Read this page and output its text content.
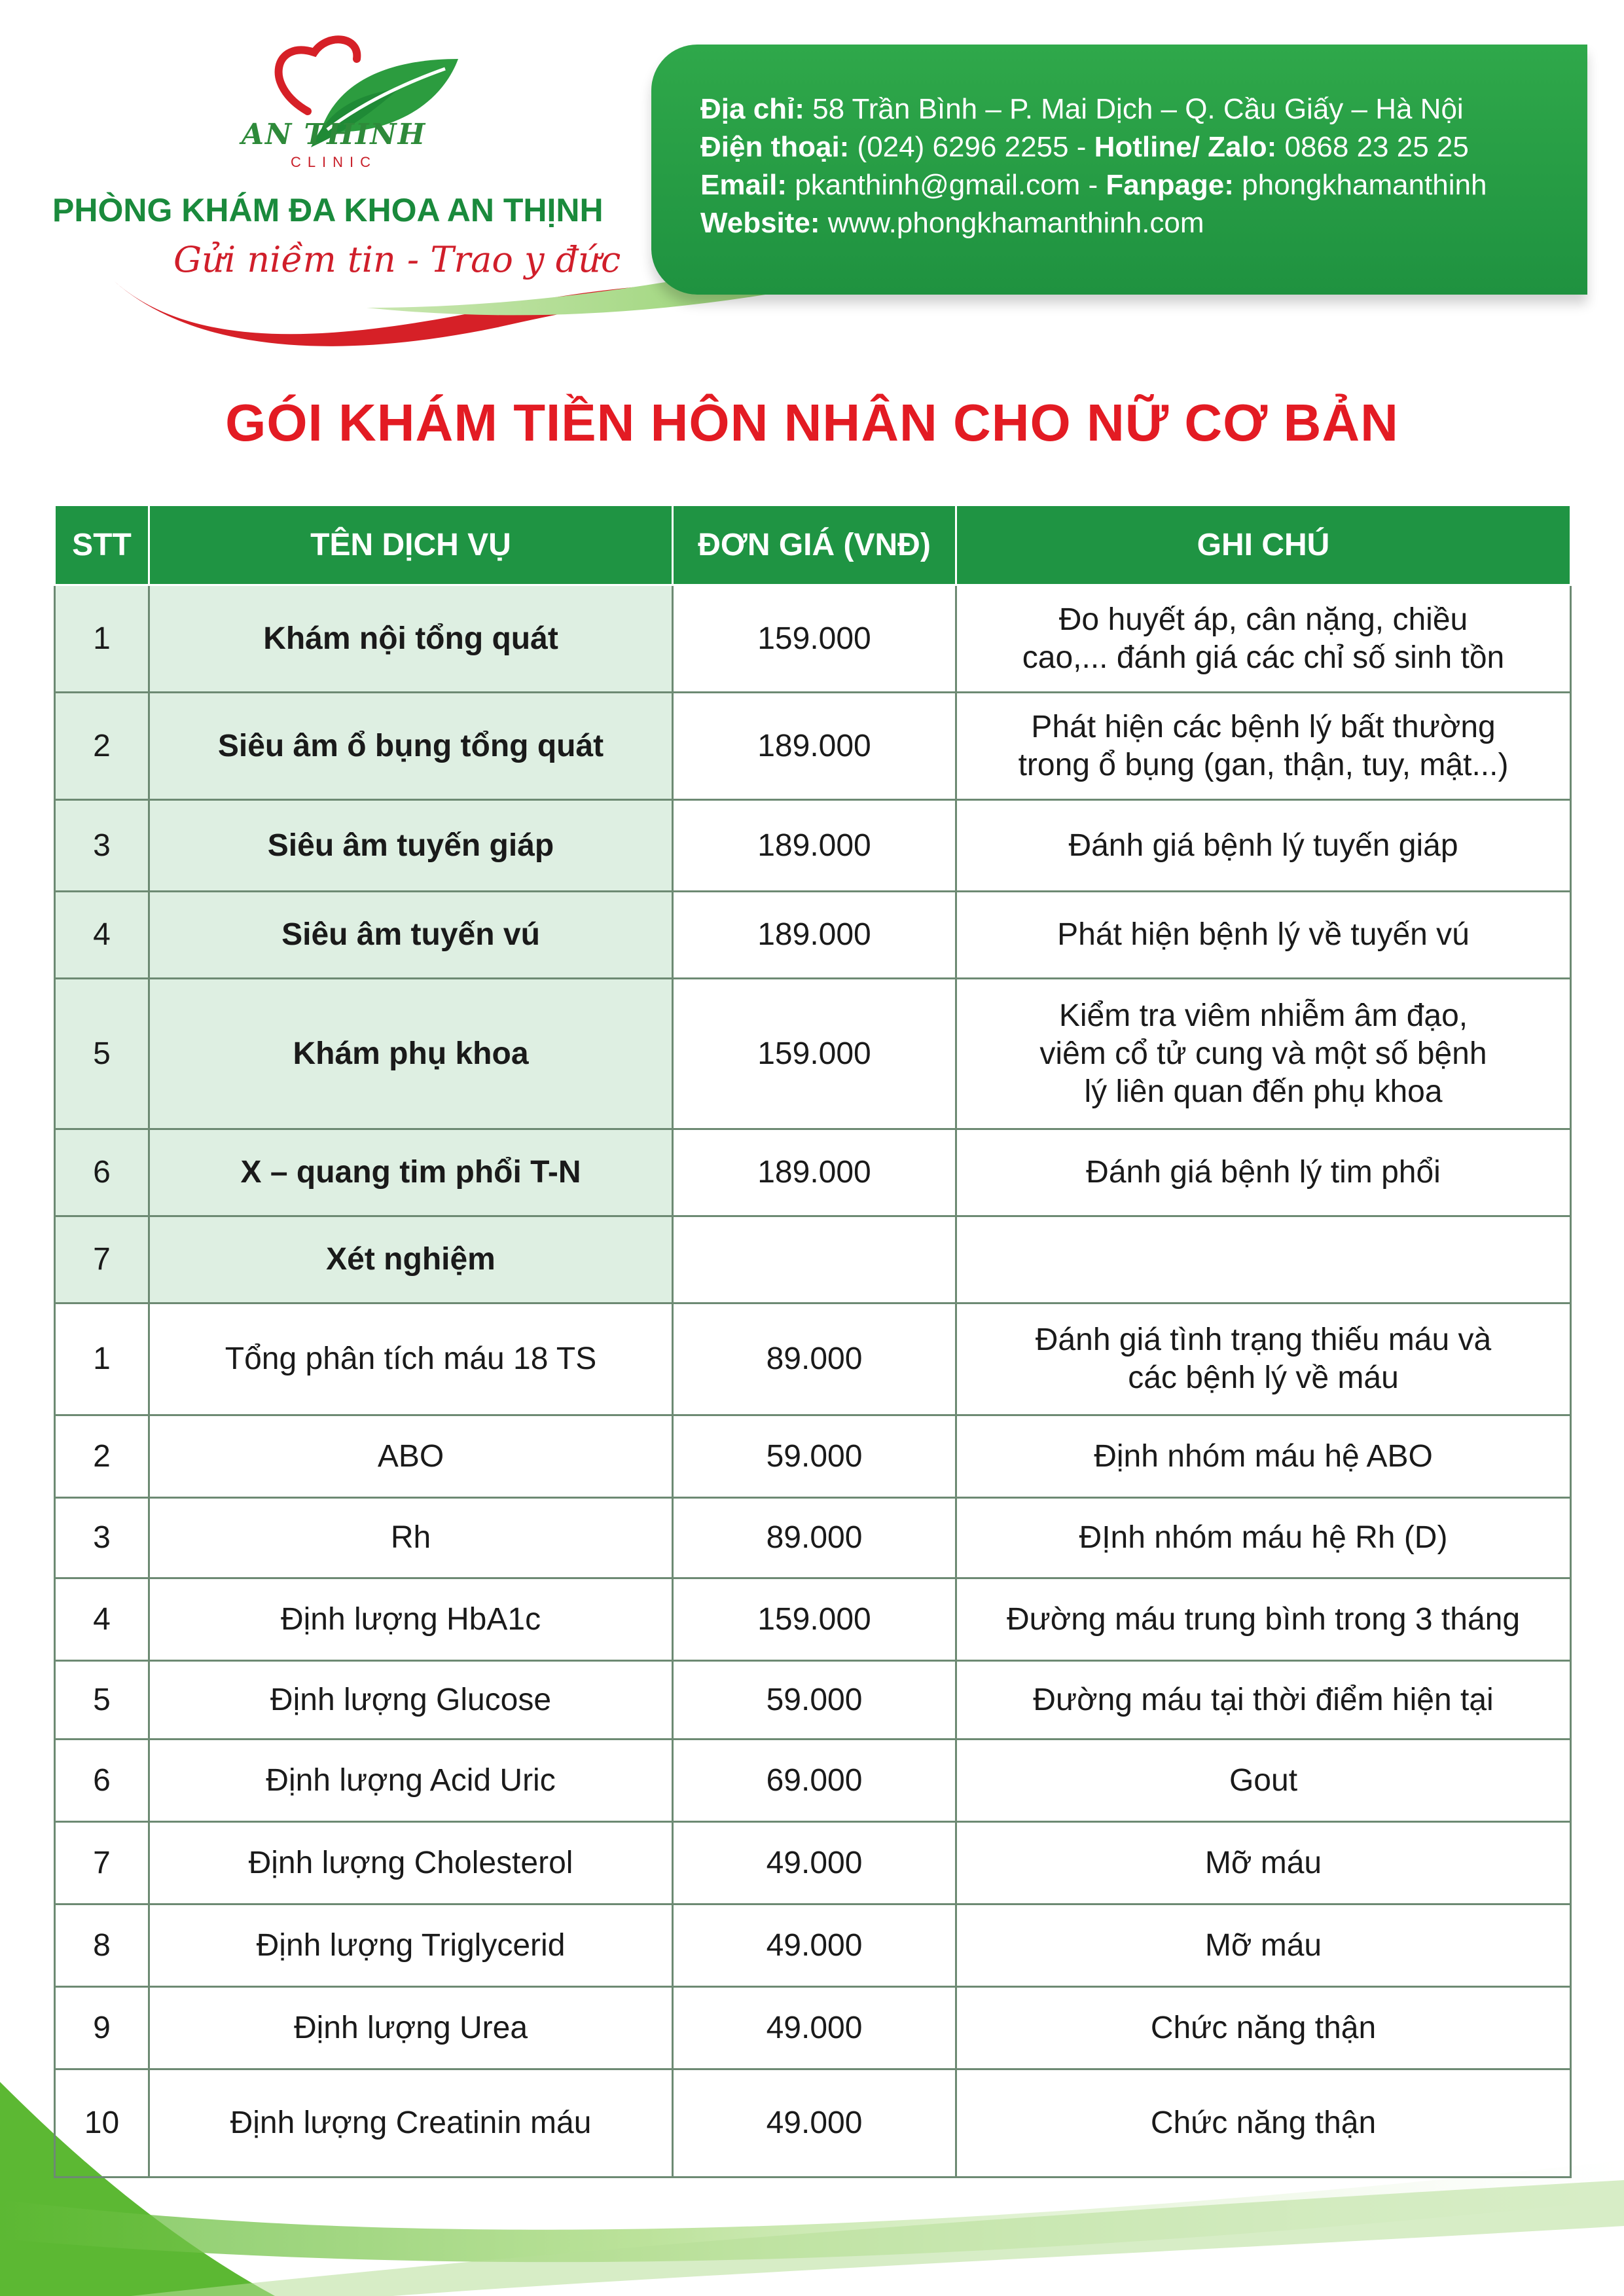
AN THINH
CLINIC
PHÒNG KHÁM ĐA KHOA AN THỊNH
Gửi niềm tin - Trao y đức
Địa chỉ: 58 Trần Bình – P. Mai Dịch – Q. Cầu Giấy – Hà Nội
Điện thoại: (024) 6296 2255 - Hotline/ Zalo: 0868 23 25 25
Email: pkanthinh@gmail.com - Fanpage: phongkhamanthinh
Website: www.phongkhamanthinh.com
GÓI KHÁM TIỀN HÔN NHÂN CHO NỮ CƠ BẢN
STT	TÊN DỊCH VỤ	ĐƠN GIÁ (VNĐ)	GHI CHÚ
1	Khám nội tổng quát	159.000	Đo huyết áp, cân nặng, chiều
cao,... đánh giá các chỉ số sinh tồn
2	Siêu âm ổ bụng tổng quát	189.000	Phát hiện các bệnh lý bất thường
trong ổ bụng (gan, thận, tuy, mật...)
3	Siêu âm tuyến giáp	189.000	Đánh giá bệnh lý tuyến giáp
4	Siêu âm tuyến vú	189.000	Phát hiện bệnh lý về tuyến vú
5	Khám phụ khoa	159.000	Kiểm tra viêm nhiễm âm đạo,
viêm cổ tử cung và một số bệnh
lý liên quan đến phụ khoa
6	X – quang tim phổi T-N	189.000	Đánh giá bệnh lý tim phổi
7	Xét nghiệm		
1	Tổng phân tích máu 18 TS	89.000	Đánh giá tình trạng thiếu máu và
các bệnh lý về máu
2	ABO	59.000	Định nhóm máu hệ ABO
3	Rh	89.000	ĐỊnh nhóm máu hệ Rh (D)
4	Định lượng HbA1c	159.000	Đường máu trung bình trong 3 tháng
5	Định lượng Glucose	59.000	Đường máu tại thời điểm hiện tại
6	Định lượng Acid Uric	69.000	Gout
7	Định lượng Cholesterol	49.000	Mỡ máu
8	Định lượng Triglycerid	49.000	Mỡ máu
9	Định lượng Urea	49.000	Chức năng thận
10	Định lượng Creatinin máu	49.000	Chức năng thận
